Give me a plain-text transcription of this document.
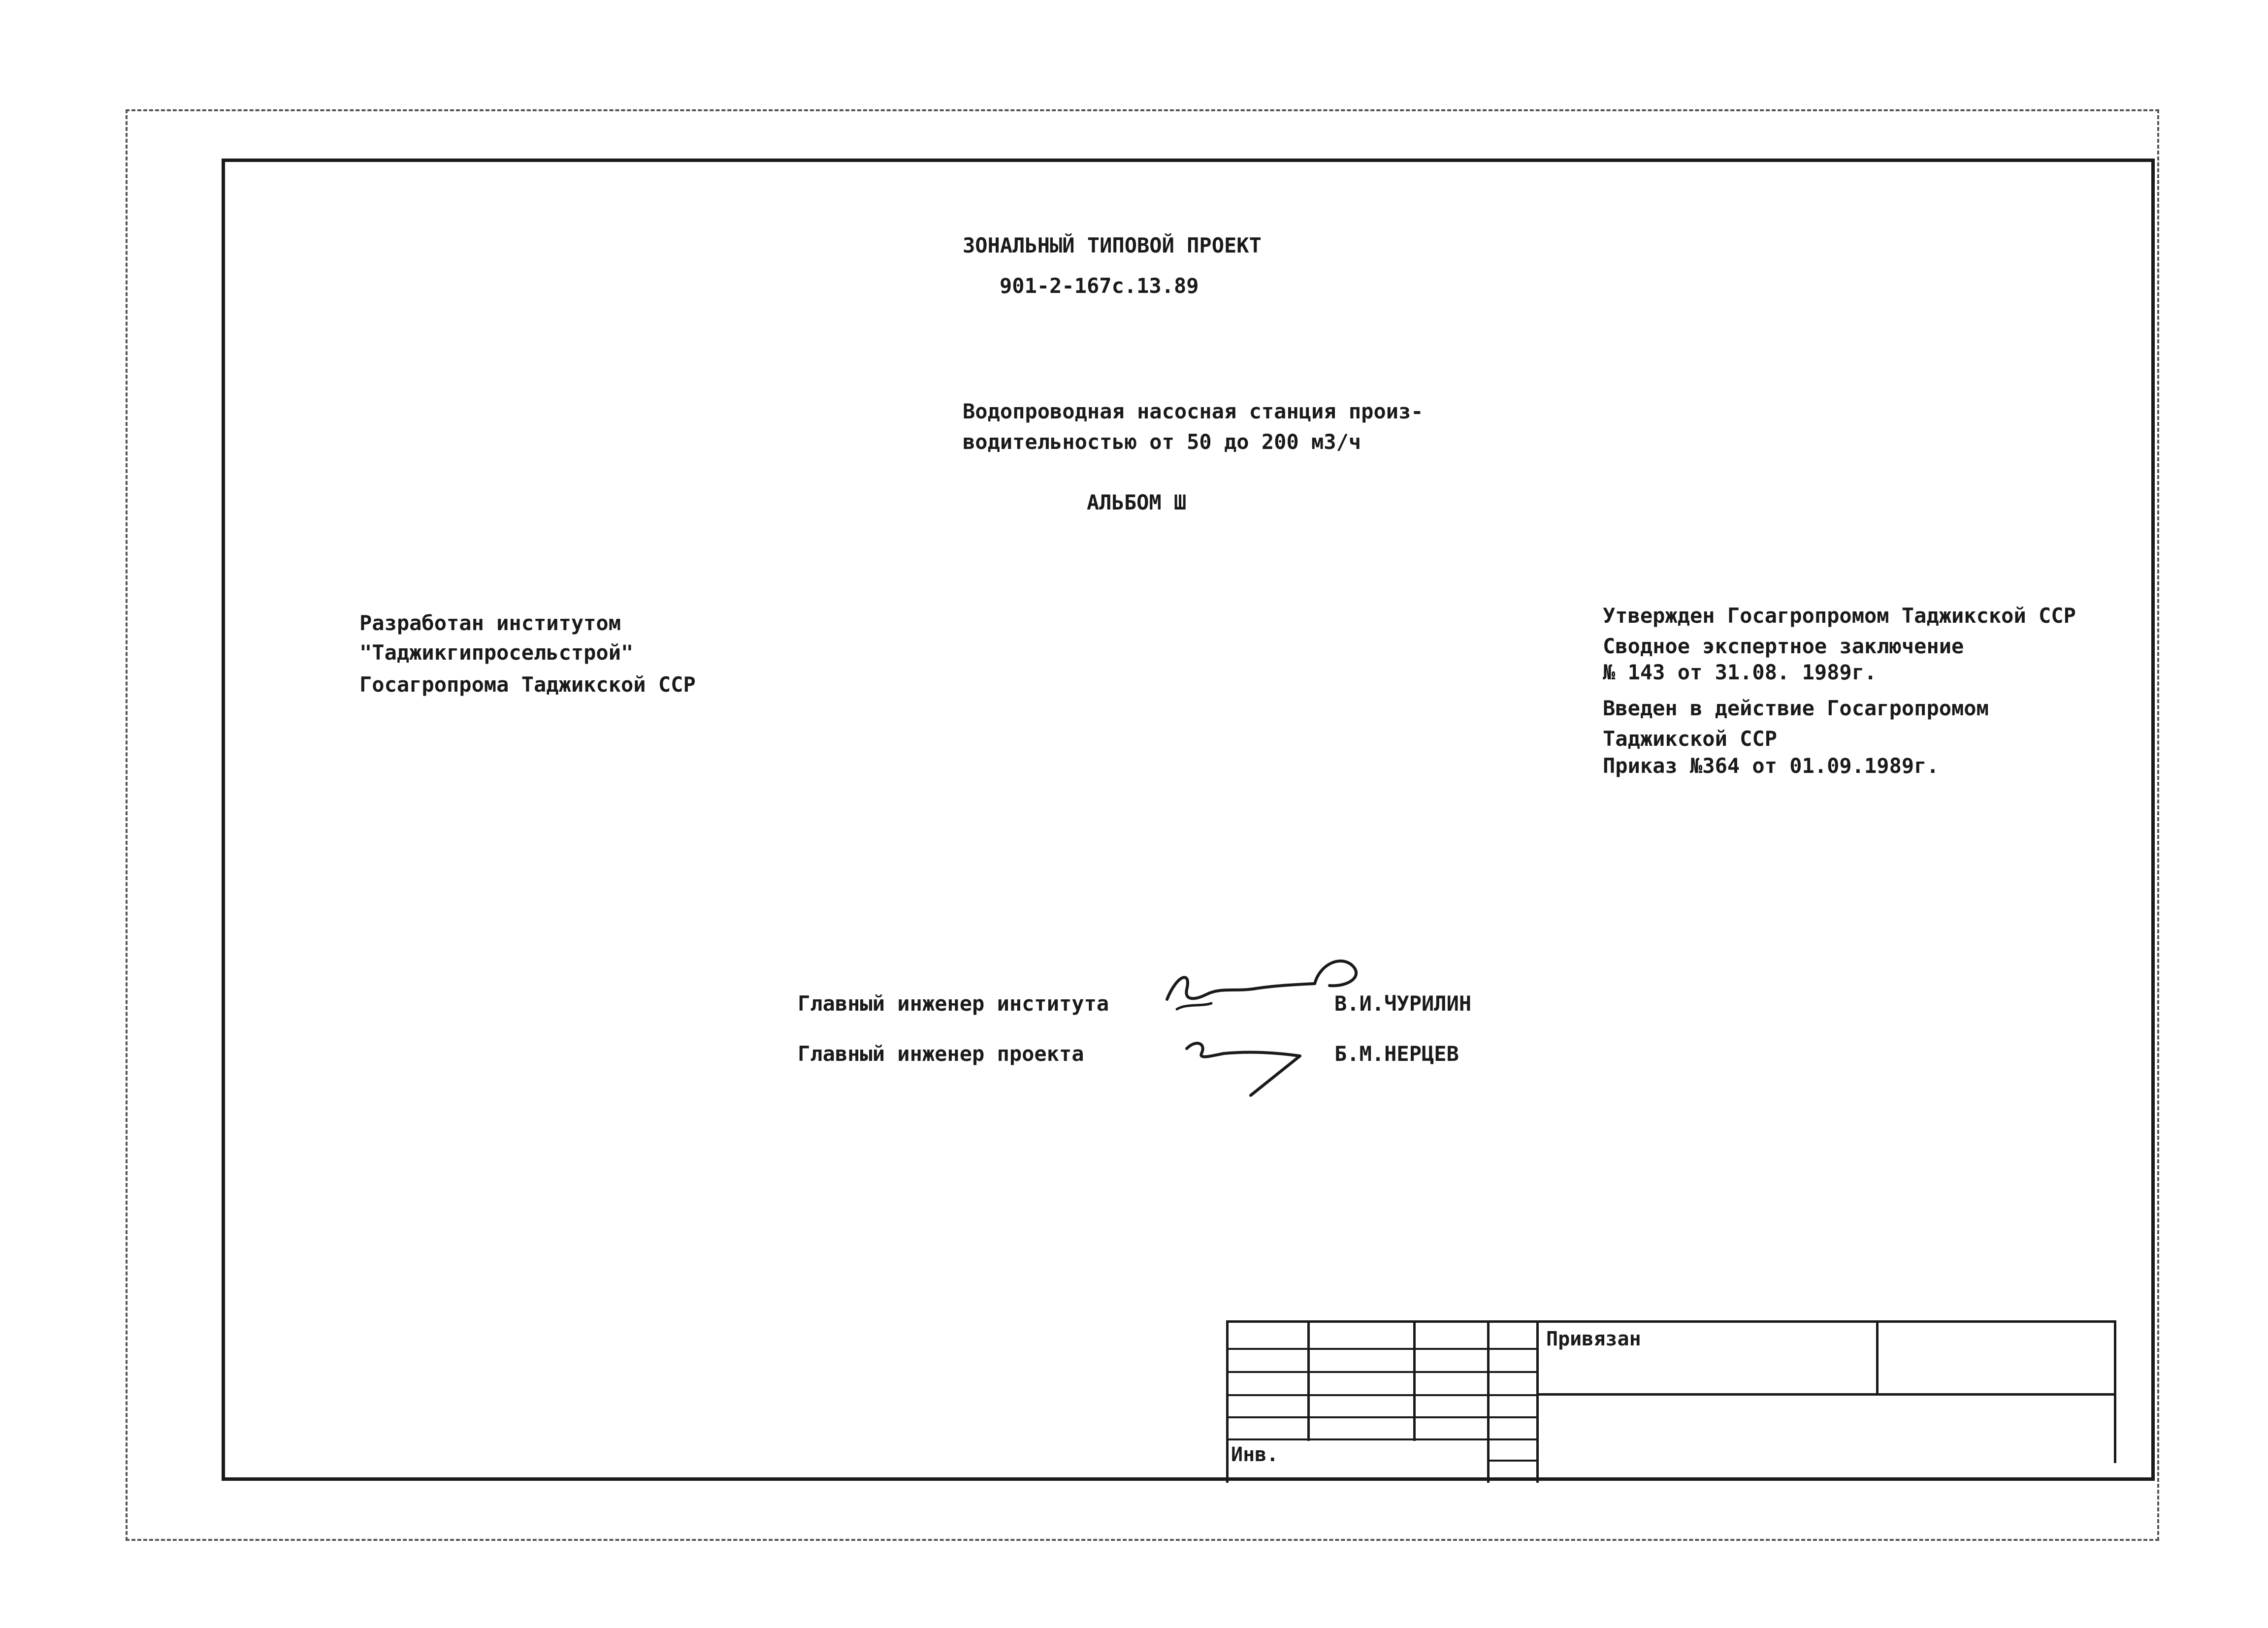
ЗОНАЛЬНЫЙ ТИПОВОЙ ПРОЕКТ
901-2-167с.13.89
Водопроводная насосная станция произ-
водительностью от 50 до 200 м3/ч
АЛЬБОМ Ш
Разработан институтом
"Таджикгипросельстрой"
Госагропрома Таджикской ССР
Утвержден Госагропромом Таджикской ССР
Сводное экспертное заключение
№ 143 от 31.08. 1989г.
Введен в действие Госагропромом
Таджикской ССР
Приказ №364 от 01.09.1989г.
Главный инженер института	В.И.ЧУРИЛИН
Главный инженер проекта	Б.М.НЕРЦЕВ
Привязан
Инв.
